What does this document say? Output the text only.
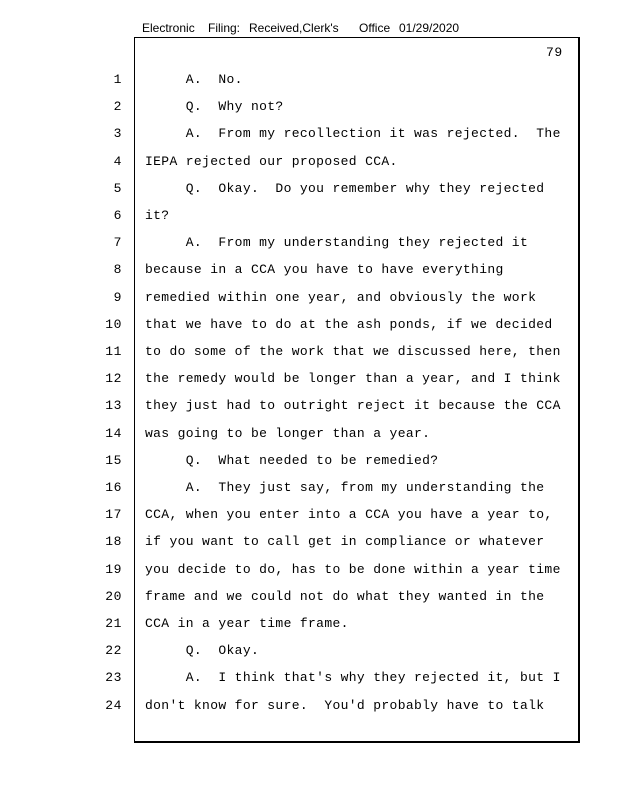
Electronic Filing: Received,Clerk's Office 01/29/2020
79
1 A.  No.
2 Q.  Why not?
3 A.  From my recollection it was rejected.  The
4 IEPA rejected our proposed CCA.
5 Q.  Okay.  Do you remember why they rejected
6 it?
7 A.  From my understanding they rejected it
8 because in a CCA you have to have everything
9 remedied within one year, and obviously the work
10 that we have to do at the ash ponds, if we decided
11 to do some of the work that we discussed here, then
12 the remedy would be longer than a year, and I think
13 they just had to outright reject it because the CCA
14 was going to be longer than a year.
15 Q.  What needed to be remedied?
16 A.  They just say, from my understanding the
17 CCA, when you enter into a CCA you have a year to,
18 if you want to call get in compliance or whatever
19 you decide to do, has to be done within a year time
20 frame and we could not do what they wanted in the
21 CCA in a year time frame.
22 Q.  Okay.
23 A.  I think that's why they rejected it, but I
24 don't know for sure.  You'd probably have to talk
